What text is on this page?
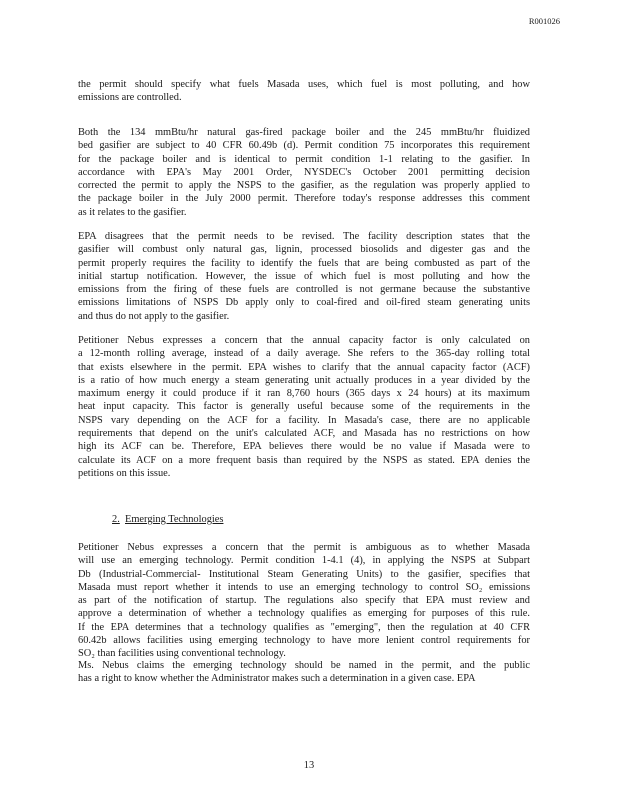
R001026
the permit should specify what fuels Masada uses, which fuel is most polluting, and how
emissions are controlled.
Both the 134 mmBtu/hr natural gas-fired package boiler and the 245 mmBtu/hr fluidized
bed gasifier are subject to 40 CFR 60.49b (d). Permit condition 75 incorporates this requirement
for the package boiler and is identical to permit condition 1-1 relating to the gasifier. In
accordance with EPA's May 2001 Order, NYSDEC's October 2001 permitting decision
corrected the permit to apply the NSPS to the gasifier, as the regulation was properly applied to
the package boiler in the July 2000 permit. Therefore today's response addresses this comment
as it relates to the gasifier.
EPA disagrees that the permit needs to be revised. The facility description states that the
gasifier will combust only natural gas, lignin, processed biosolids and digester gas and the
permit properly requires the facility to identify the fuels that are being combusted as part of the
initial startup notification. However, the issue of which fuel is most polluting and how the
emissions from the firing of these fuels are controlled is not germane because the substantive
emissions limitations of NSPS Db apply only to coal-fired and oil-fired steam generating units
and thus do not apply to the gasifier.
Petitioner Nebus expresses a concern that the annual capacity factor is only calculated on
a 12-month rolling average, instead of a daily average. She refers to the 365-day rolling total
that exists elsewhere in the permit. EPA wishes to clarify that the annual capacity factor (ACF)
is a ratio of how much energy a steam generating unit actually produces in a year divided by the
maximum energy it could produce if it ran 8,760 hours (365 days x 24 hours) at its maximum
heat input capacity. This factor is generally useful because some of the requirements in the
NSPS vary depending on the ACF for a facility. In Masada's case, there are no applicable
requirements that depend on the unit's calculated ACF, and Masada has no restrictions on how
high its ACF can be. Therefore, EPA believes there would be no value if Masada were to
calculate its ACF on a more frequent basis than required by the NSPS as stated. EPA denies the
petitions on this issue.
2. Emerging Technologies
Petitioner Nebus expresses a concern that the permit is ambiguous as to whether Masada
will use an emerging technology. Permit condition 1-4.1 (4), in applying the NSPS at Subpart
Db (Industrial-Commercial- Institutional Steam Generating Units) to the gasifier, specifies that
Masada must report whether it intends to use an emerging technology to control SO₂ emissions
as part of the notification of startup. The regulations also specify that EPA must review and
approve a determination of whether a technology qualifies as emerging for purposes of this rule.
If the EPA determines that a technology qualifies as "emerging", then the regulation at 40 CFR
60.42b allows facilities using emerging technology to have more lenient control requirements for
SO₂ than facilities using conventional technology.
Ms. Nebus claims the emerging technology should be named in the permit, and the public
has a right to know whether the Administrator makes such a determination in a given case. EPA
13
